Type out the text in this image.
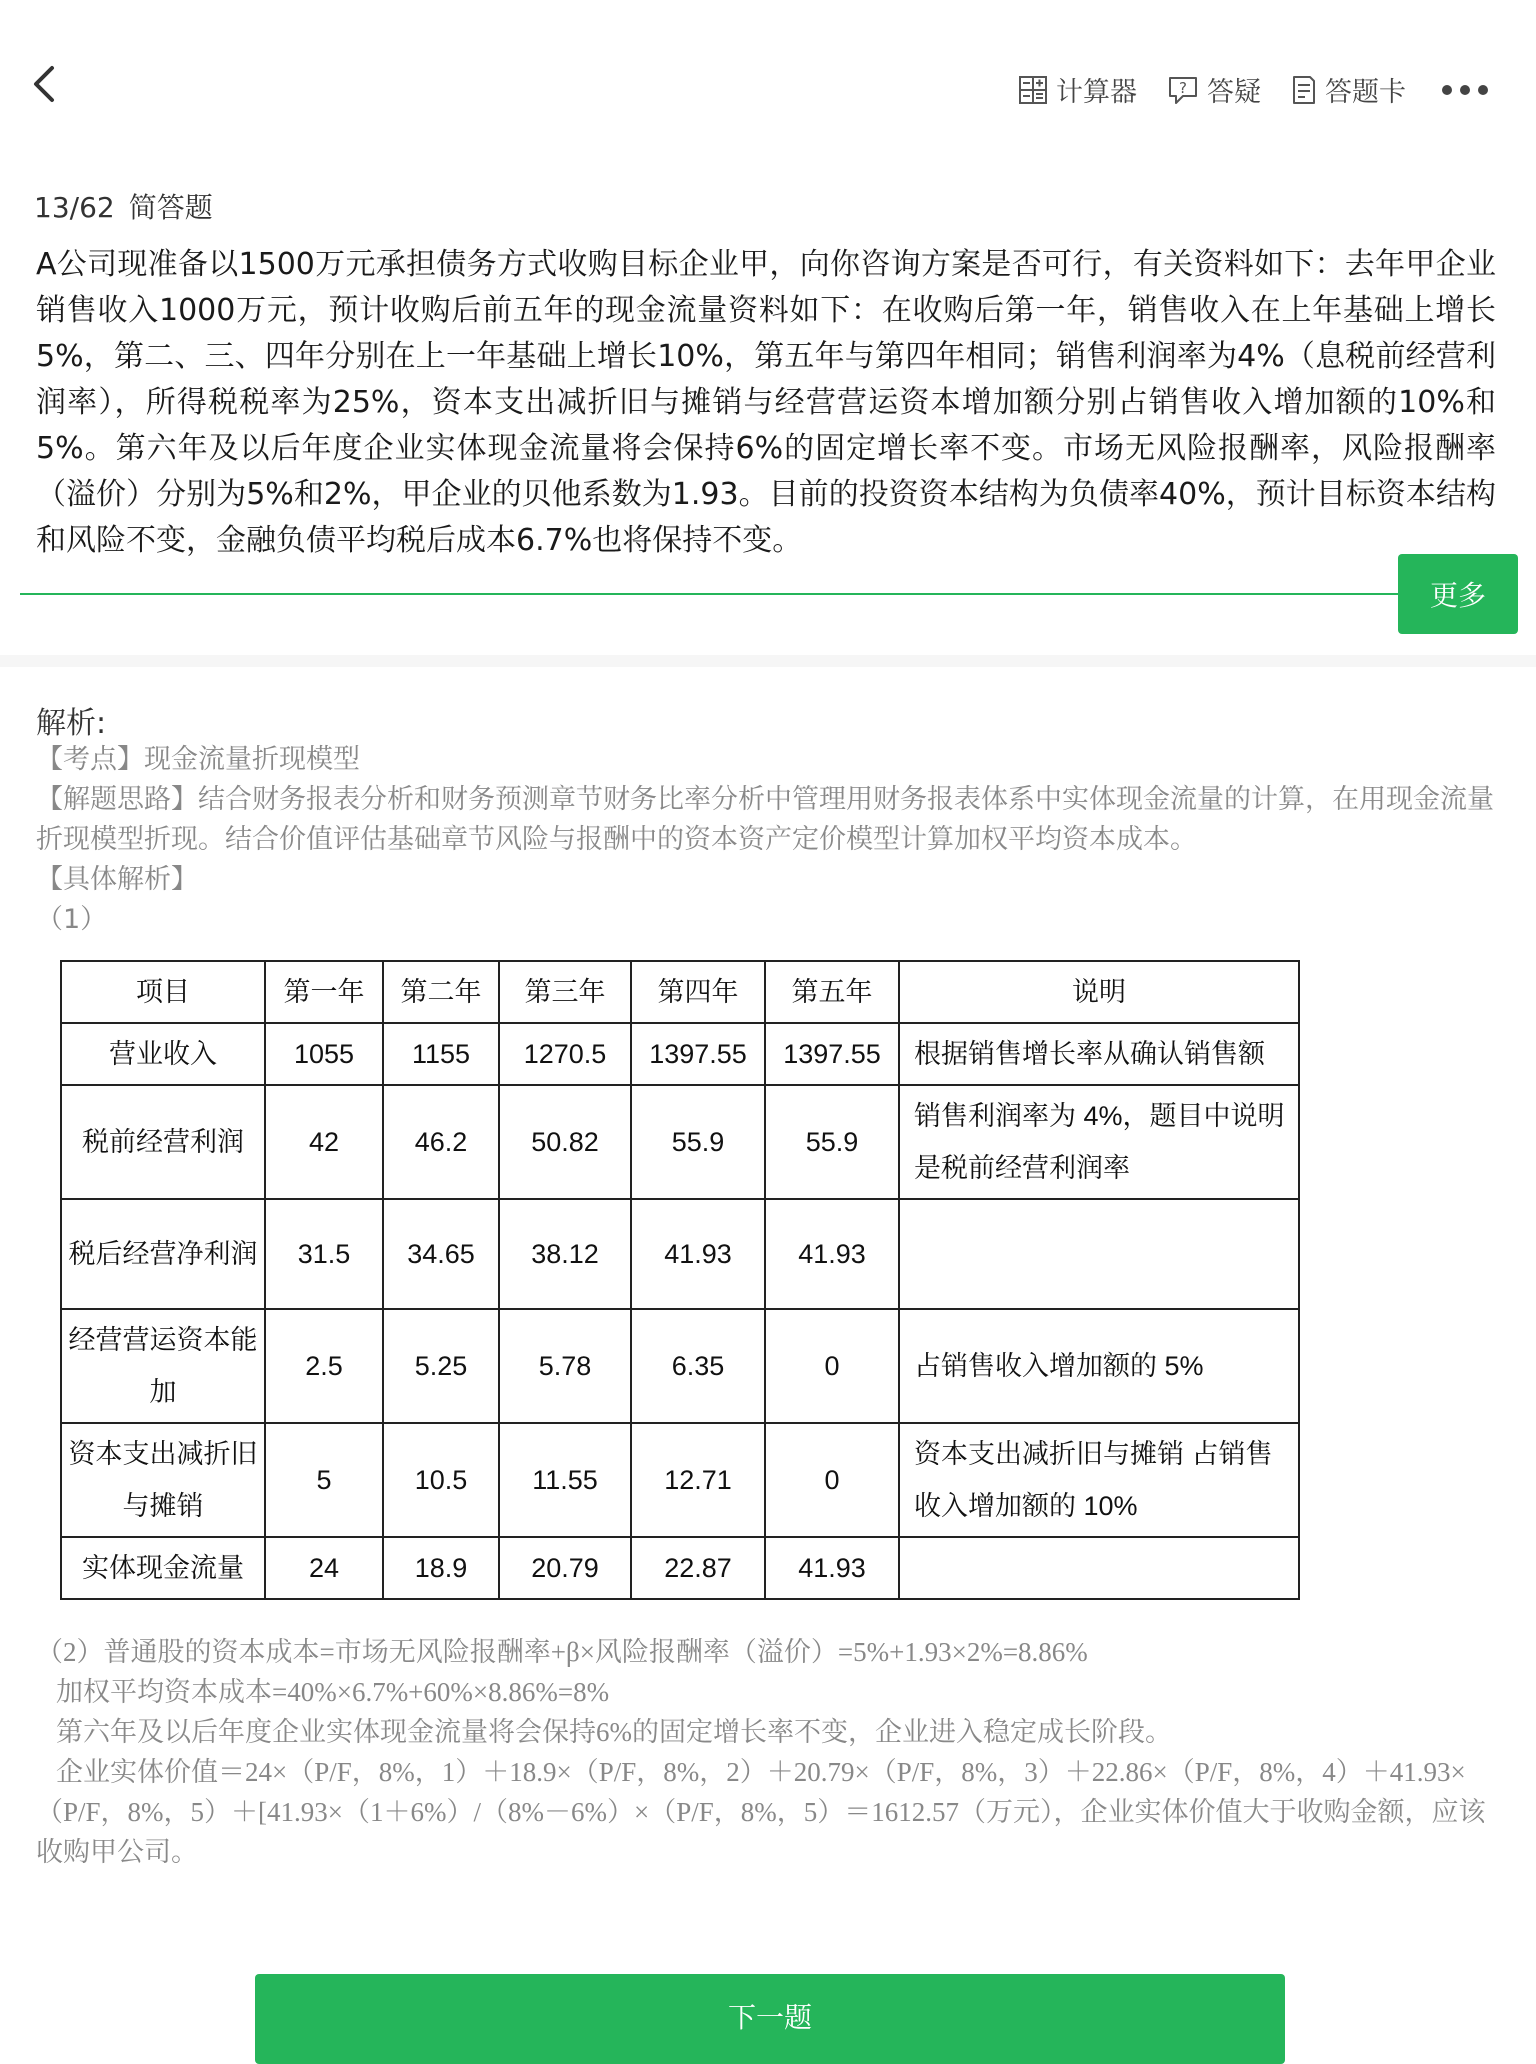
计算器	? 答疑 答题卡
13/62 简答题
A公司现准备以1500万元承担债务方式收购目标企业甲，向你咨询方案是否可行，有关资料如下：去年甲企业销售收入1000万元，预计收购后前五年的现金流量资料如下：在收购后第一年，销售收入在上年基础上增长5%，第二、三、四年分别在上一年基础上增长10%，第五年与第四年相同；销售利润率为4%（息税前经营利润率），所得税税率为25%，资本支出减折旧与摊销与经营营运资本增加额分别占销售收入增加额的10%和5%。第六年及以后年度企业实体现金流量将会保持6%的固定增长率不变。市场无风险报酬率，风险报酬率（溢价）分别为5%和2%，甲企业的贝他系数为1.93。目前的投资资本结构为负债率40%，预计目标资本结构和风险不变，金融负债平均税后成本6.7%也将保持不变。
更多
解析:
【考点】现金流量折现模型
【解题思路】结合财务报表分析和财务预测章节财务比率分析中管理用财务报表体系中实体现金流量的计算，在用现金流量折现模型折现。结合价值评估基础章节风险与报酬中的资本资产定价模型计算加权平均资本成本。
【具体解析】
（1）
项目	第一年	第二年	第三年	第四年	第五年	说明
营业收入	1055	1155	1270.5	1397.55	1397.55	根据销售增长率从确认销售额
税前经营利润	42	46.2	50.82	55.9	55.9	销售利润率为 4%，题目中说明是税前经营利润率
税后经营净利润	31.5	34.65	38.12	41.93	41.93	
经营营运资本能加	2.5	5.25	5.78	6.35	0	占销售收入增加额的 5%
资本支出减折旧与摊销	5	10.5	11.55	12.71	0	资本支出减折旧与摊销 占销售收入增加额的 10%
实体现金流量	24	18.9	20.79	22.87	41.93	
（2）普通股的资本成本=市场无风险报酬率+β×风险报酬率（溢价）=5%+1.93×2%=8.86%
加权平均资本成本=40%×6.7%+60%×8.86%=8%
第六年及以后年度企业实体现金流量将会保持6%的固定增长率不变，企业进入稳定成长阶段。
企业实体价值＝24×（P/F，8%，1）＋18.9×（P/F，8%，2）＋20.79×（P/F，8%，3）＋22.86×（P/F，8%，4）＋41.93×（P/F，8%，5）＋[41.93×（1＋6%）/（8%－6%）×（P/F，8%，5）＝1612.57（万元），企业实体价值大于收购金额，应该收购甲公司。
下一题
